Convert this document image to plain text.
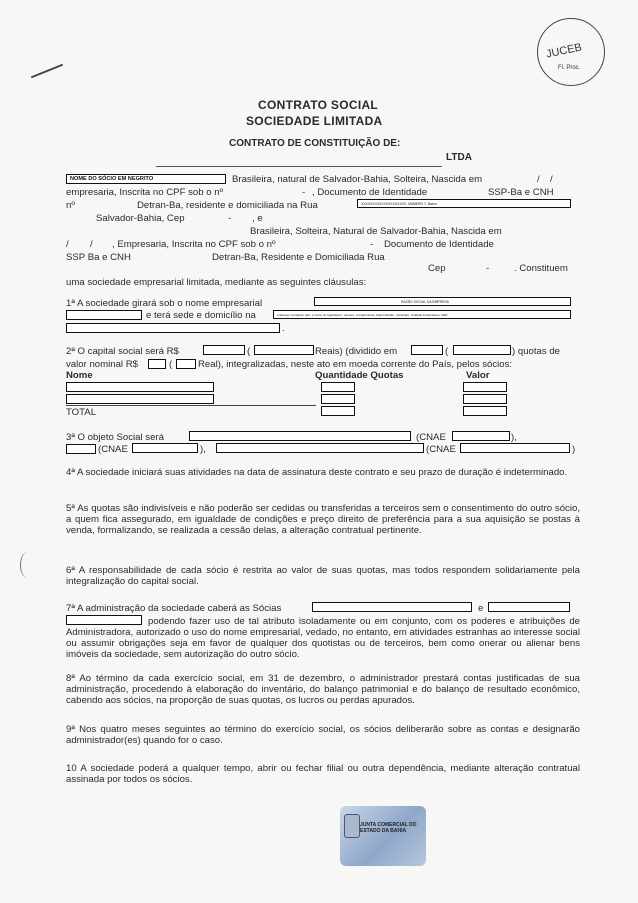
JUCEB
Fl. Proc.
CONTRATO SOCIAL
SOCIEDADE LIMITADA
CONTRATO DE CONSTITUIÇÃO DE:
LTDA
NOME DO SÓCIO EM NEGRITO	Brasileira, natural de Salvador-Bahia, Solteira, Nascida em	/ /
empresaria, Inscrita no CPF sob o nº	- , Documento de Identidade	SSP-Ba e CNH
nº	Detran-Ba, residente e domiciliada na Rua	XXXXXXXXXXXXXXXXXXXX, NÚMERO Y, Bairro
Salvador-Bahia, Cep	- , e
Brasileira, Solteira, Natural de Salvador-Bahia, Nascida em
/ / , Empresaria, Inscrita no CPF sob o nº	- Documento de Identidade
SSP Ba e CNH	Detran-Ba, Residente e Domiciliada Rua
Cep	-	. Constituem
uma sociedade empresarial limitada, mediante as seguintes cláusulas:
1ª A sociedade girará sob o nome empresarial	RAZÃO SOCIAL DA EMPRESA
e terá sede e domicílio na	endereço completo: tipo, e nome do logradouro, número, complemento, bairro/distrito, município, Unidade Federativa e CEP
.
2ª O capital social será R$	(	Reais) (dividido em	(	) quotas de
valor nominal R$	(	Real), integralizadas, neste ato em moeda corrente do País, pelos sócios:
Nome	Quantidade Quotas	Valor
TOTAL
3ª O objeto Social será	(CNAE	),
(CNAE	),	(CNAE	)
4ª A sociedade iniciará suas atividades na data de assinatura deste contrato e seu prazo de duração é indeterminado.
5ª As quotas são indivisíveis e não poderão ser cedidas ou transferidas a terceiros sem o consentimento do outro sócio, a quem fica assegurado, em igualdade de condições e preço direito de preferência para a sua aquisição se postas à venda, formalizando, se realizada a cessão delas, a alteração contratual pertinente.
6ª A responsabilidade de cada sócio é restrita ao valor de suas quotas, mas todos respondem solidariamente pela integralização do capital social.
7ª A administração da sociedade caberá as Sócias	e
podendo fazer uso de tal atributo isoladamente ou em conjunto, com os poderes e atribuições de Administradora, autorizado o uso do nome empresarial, vedado, no entanto, em atividades estranhas ao interesse social ou assumir obrigações seja em favor de qualquer dos quotistas ou de terceiros, bem como onerar ou alienar bens imóveis da sociedade, sem autorização do outro sócio.
8ª Ao término da cada exercício social, em 31 de dezembro, o administrador prestará contas justificadas de sua administração, procedendo à elaboração do inventário, do balanço patrimonial e do balanço de resultado econômico, cabendo aos sócios, na proporção de suas quotas, os lucros ou perdas apurados.
9ª Nos quatro meses seguintes ao término do exercício social, os sócios deliberarão sobre as contas e designarão administrador(es) quando for o caso.
10 A sociedade poderá a qualquer tempo, abrir ou fechar filial ou outra dependência, mediante alteração contratual assinada por todos os sócios.
JUNTA COMERCIAL DO ESTADO DA BAHIA
